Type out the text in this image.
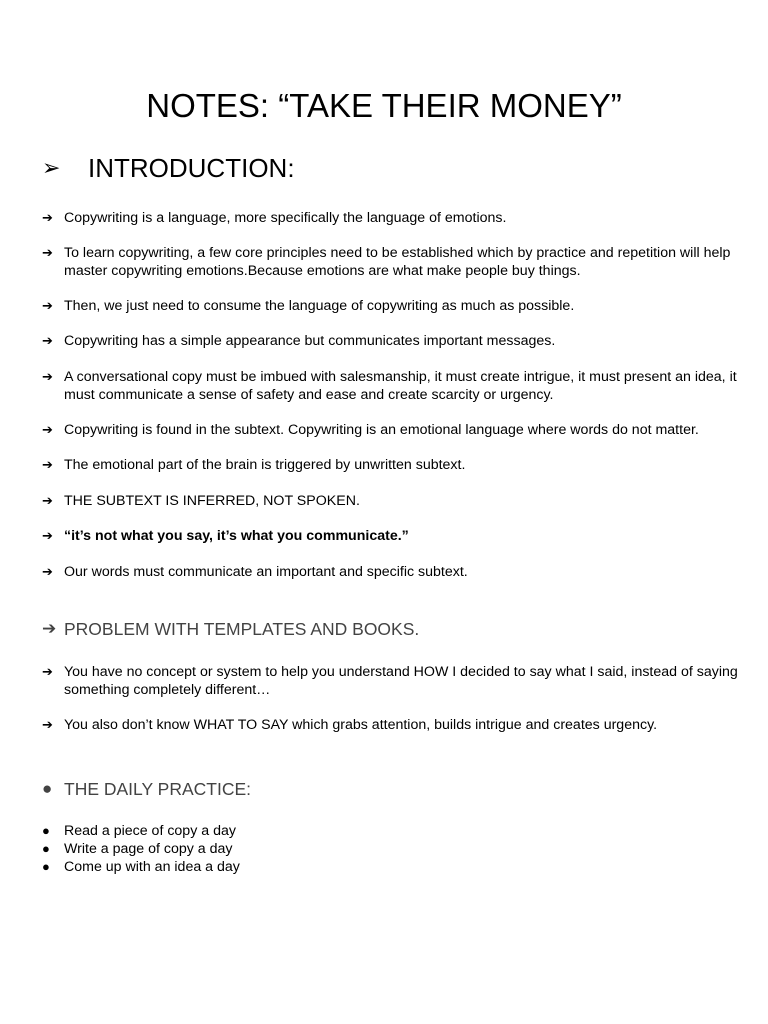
NOTES: “TAKE THEIR MONEY”
➢	INTRODUCTION:
➔ Copywriting is a language, more specifically the language of emotions.
➔ To learn copywriting, a few core principles need to be established which by practice and repetition will help master copywriting emotions.Because emotions are what make people buy things.
➔ Then, we just need to consume the language of copywriting as much as possible.
➔ Copywriting has a simple appearance but communicates important messages.
➔ A conversational copy must be imbued with salesmanship, it must create intrigue, it must present an idea, it must communicate a sense of safety and ease and create scarcity or urgency.
➔ Copywriting is found in the subtext. Copywriting is an emotional language where words do not matter.
➔ The emotional part of the brain is triggered by unwritten subtext.
➔ THE SUBTEXT IS INFERRED, NOT SPOKEN.
➔ “it’s not what you say, it’s what you communicate.”
➔ Our words must communicate an important and specific subtext.
➔ PROBLEM WITH TEMPLATES AND BOOKS.
➔ You have no concept or system to help you understand HOW I decided to say what I said, instead of saying something completely different…
➔ You also don’t know WHAT TO SAY which grabs attention, builds intrigue and creates urgency.
● THE DAILY PRACTICE:
● Read a piece of copy a day
● Write a page of copy a day
● Come up with an idea a day
